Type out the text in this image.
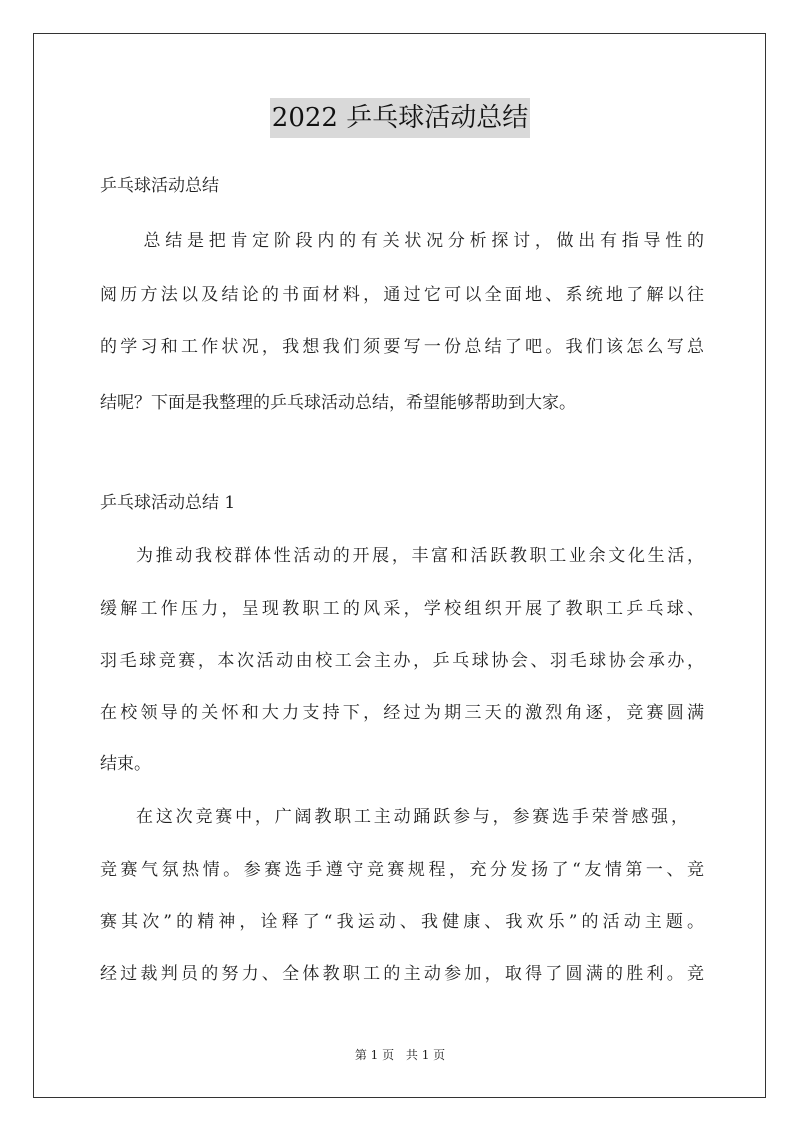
2022 乒乓球活动总结
乒乓球活动总结
　　总结是把肯定阶段内的有关状况分析探讨，做出有指导性的
阅历方法以及结论的书面材料，通过它可以全面地、系统地了解以往
的学习和工作状况，我想我们须要写一份总结了吧。我们该怎么写总
结呢？下面是我整理的乒乓球活动总结，希望能够帮助到大家。
乒乓球活动总结 1
为推动我校群体性活动的开展，丰富和活跃教职工业余文化生活，
缓解工作压力，呈现教职工的风采，学校组织开展了教职工乒乓球、
羽毛球竞赛，本次活动由校工会主办，乒乓球协会、羽毛球协会承办，
在校领导的关怀和大力支持下，经过为期三天的激烈角逐，竞赛圆满
结束。
在这次竞赛中，广阔教职工主动踊跃参与，参赛选手荣誉感强，
竞赛气氛热情。参赛选手遵守竞赛规程，充分发扬了“友情第一、竞
赛其次”的精神，诠释了“我运动、我健康、我欢乐”的活动主题。
经过裁判员的努力、全体教职工的主动参加，取得了圆满的胜利。竞
第 1 页 共 1 页
